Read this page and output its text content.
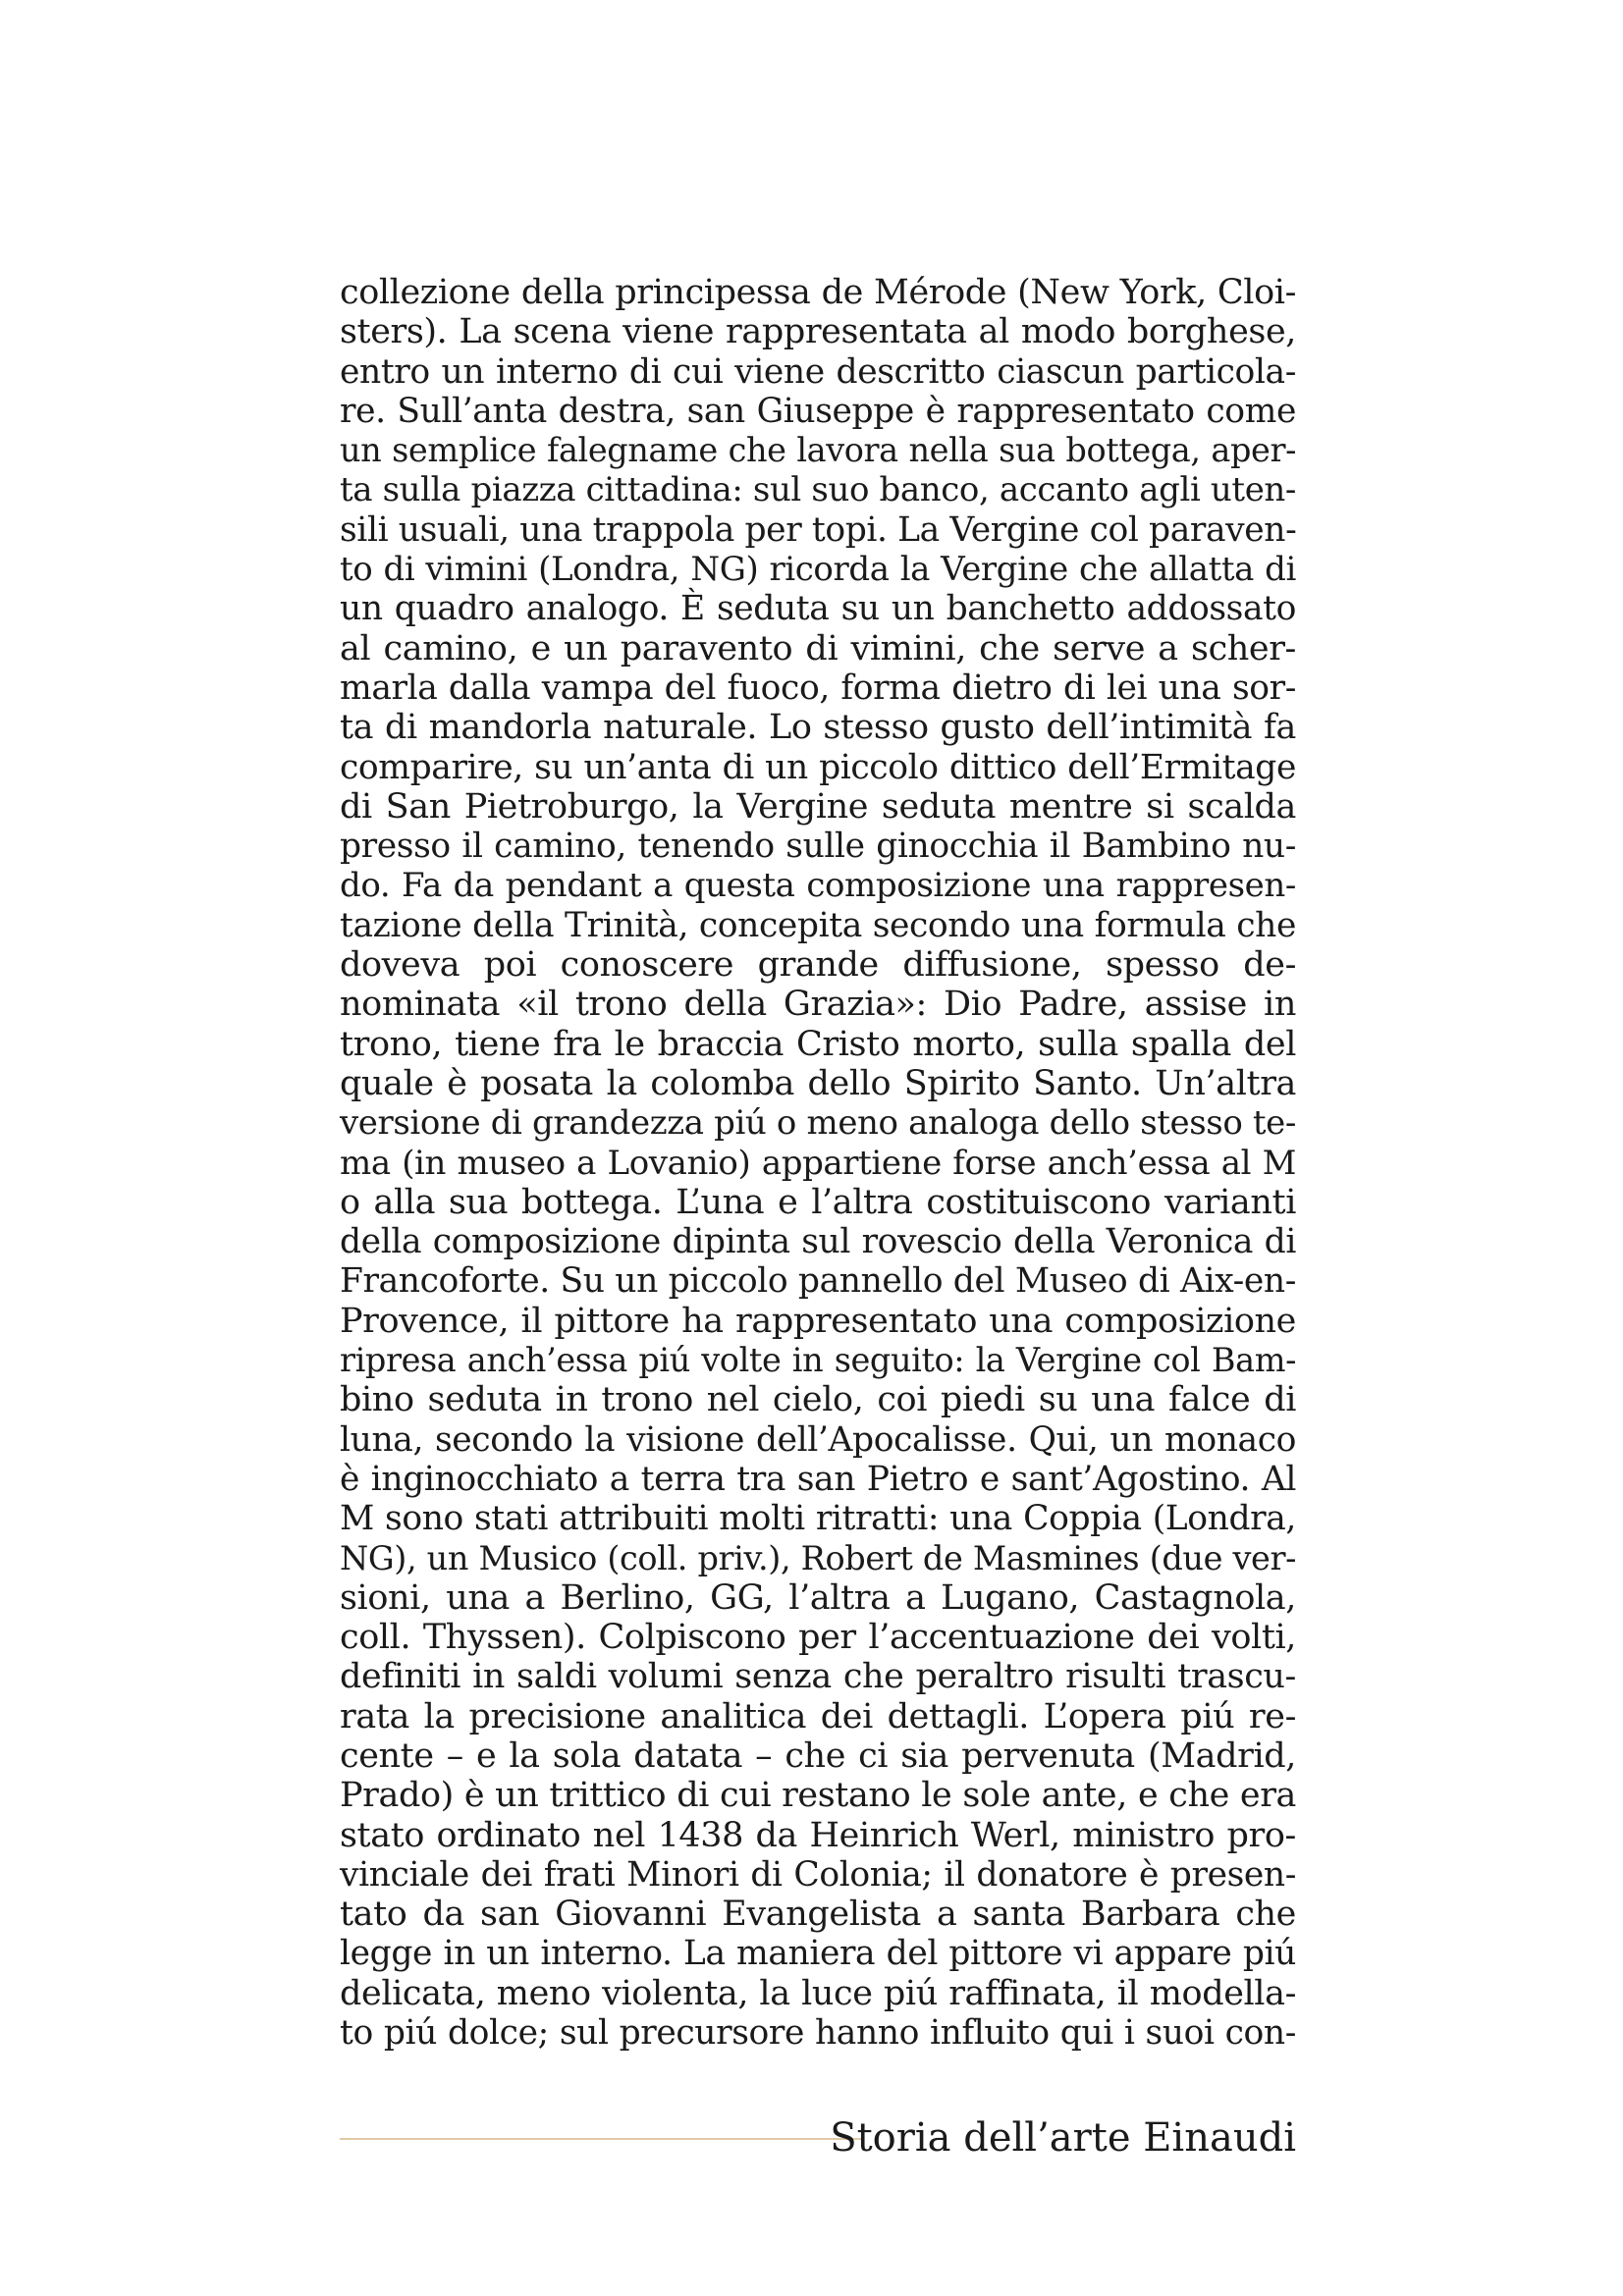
collezione della principessa de Mérode (New York, Cloi-
sters). La scena viene rappresentata al modo borghese,
entro un interno di cui viene descritto ciascun particola-
re. Sull’anta destra, san Giuseppe è rappresentato come
un semplice falegname che lavora nella sua bottega, aper-
ta sulla piazza cittadina: sul suo banco, accanto agli uten-
sili usuali, una trappola per topi. La Vergine col paraven-
to di vimini (Londra, NG) ricorda la Vergine che allatta di
un quadro analogo. È seduta su un banchetto addossato
al camino, e un paravento di vimini, che serve a scher-
marla dalla vampa del fuoco, forma dietro di lei una sor-
ta di mandorla naturale. Lo stesso gusto dell’intimità fa
comparire, su un’anta di un piccolo dittico dell’Ermitage
di San Pietroburgo, la Vergine seduta mentre si scalda
presso il camino, tenendo sulle ginocchia il Bambino nu-
do. Fa da pendant a questa composizione una rappresen-
tazione della Trinità, concepita secondo una formula che
doveva poi conoscere grande diffusione, spesso de-
nominata «il trono della Grazia»: Dio Padre, assise in
trono, tiene fra le braccia Cristo morto, sulla spalla del
quale è posata la colomba dello Spirito Santo. Un’altra
versione di grandezza piú o meno analoga dello stesso te-
ma (in museo a Lovanio) appartiene forse anch’essa al M
o alla sua bottega. L’una e l’altra costituiscono varianti
della composizione dipinta sul rovescio della Veronica di
Francoforte. Su un piccolo pannello del Museo di Aix-en-
Provence, il pittore ha rappresentato una composizione
ripresa anch’essa piú volte in seguito: la Vergine col Bam-
bino seduta in trono nel cielo, coi piedi su una falce di
luna, secondo la visione dell’Apocalisse. Qui, un monaco
è inginocchiato a terra tra san Pietro e sant’Agostino. Al
M sono stati attribuiti molti ritratti: una Coppia (Londra,
NG), un Musico (coll. priv.), Robert de Masmines (due ver-
sioni, una a Berlino, GG, l’altra a Lugano, Castagnola,
coll. Thyssen). Colpiscono per l’accentuazione dei volti,
definiti in saldi volumi senza che peraltro risulti trascu-
rata la precisione analitica dei dettagli. L’opera piú re-
cente – e la sola datata – che ci sia pervenuta (Madrid,
Prado) è un trittico di cui restano le sole ante, e che era
stato ordinato nel 1438 da Heinrich Werl, ministro pro-
vinciale dei frati Minori di Colonia; il donatore è presen-
tato da san Giovanni Evangelista a santa Barbara che
legge in un interno. La maniera del pittore vi appare piú
delicata, meno violenta, la luce piú raffinata, il modella-
to piú dolce; sul precursore hanno influito qui i suoi con-
Storia dell’arte Einaudi
